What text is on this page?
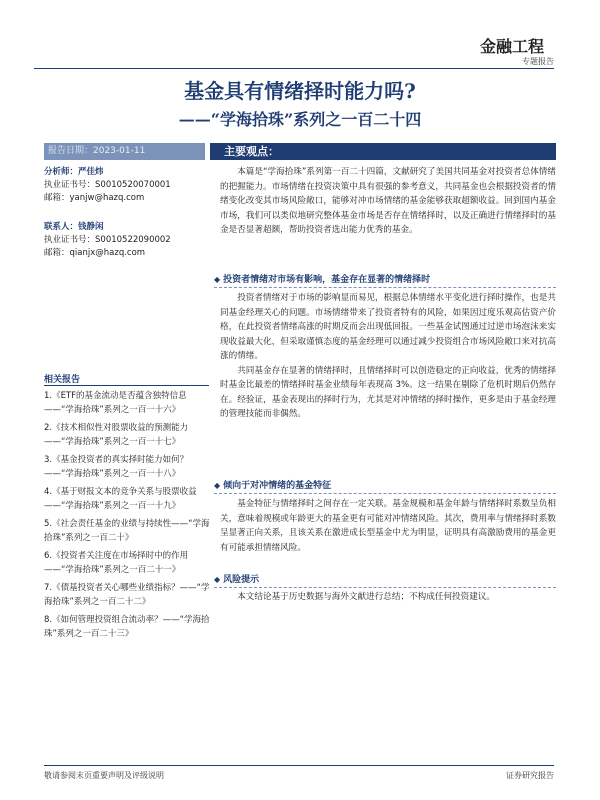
金融工程
专题报告
基金具有情绪择时能力吗?
——“学海拾珠”系列之一百二十四
报告日期：2023-01-11	主要观点：
分析师：严佳炜
执业证书号：S0010520070001
邮箱：yanjw@hazq.com
联系人：钱静闲
执业证书号：S0010522090002
邮箱：qianjx@hazq.com
相关报告
1.《ETF的基金流动是否蕴含独特信息——“学海拾珠”系列之一百一十六》
2.《技术相似性对股票收益的预测能力——“学海拾珠”系列之一百一十七》
3.《基金投资者的真实择时能力如何？——“学海拾珠”系列之一百一十八》
4.《基于财报文本的竞争关系与股票收益——“学海拾珠”系列之一百一十九》
5.《社会责任基金的业绩与持续性——“学海拾珠”系列之一百二十》
6.《投资者关注度在市场择时中的作用——“学海拾珠”系列之一百二十一》
7.《债基投资者关心哪些业绩指标？——“学海拾珠”系列之一百二十二》
8.《如何管理投资组合流动率？——“学海拾珠”系列之一百二十三》

本篇是“学海拾珠”系列第一百二十四篇，文献研究了美国共同基金对投资者总体情绪的把握能力。市场情绪在投资决策中具有很强的参考意义，共同基金也会根据投资者的情绪变化改变其市场风险敞口，能够对冲市场情绪的基金能够获取超额收益。回到国内基金市场，我们可以类似地研究整体基金市场是否存在情绪择时，以及正确进行情绪择时的基金是否显著超额，帮助投资者选出能力优秀的基金。

◆ 投资者情绪对市场有影响，基金存在显著的情绪择时

投资者情绪对于市场的影响显而易见，根据总体情绪水平变化进行择时操作，也是共同基金经理关心的问题。市场情绪带来了投资者特有的风险，如果因过度乐观高估资产价格，在此投资者情绪高涨的时期反而会出现低回报。一些基金试图通过过逆市场泡沫来实现收益最大化，但采取谨慎态度的基金经理可以通过减少投资组合市场风险敞口来对抗高涨的情绪。

共同基金存在显著的情绪择时，且情绪择时可以创造稳定的正向收益，优秀的情绪择时基金比最差的情绪择时基金业绩每年表现高 3%。这一结果在剔除了危机时期后仍然存在。经验证，基金表现出的择时行为，尤其是对冲情绪的择时操作，更多是由于基金经理的管理技能而非偶然。

◆ 倾向于对冲情绪的基金特征

基金特征与情绪择时之间存在一定关联。基金规模和基金年龄与情绪择时系数呈负相关，意味着规模或年龄更大的基金更有可能对冲情绪风险。其次，费用率与情绪择时系数呈显著正向关系，且该关系在激进成长型基金中尤为明显，证明具有高激励费用的基金更有可能承担情绪风险。

◆ 风险提示

本文结论基于历史数据与海外文献进行总结；不构成任何投资建议。

敬请参阅末页重要声明及评级说明	证券研究报告
